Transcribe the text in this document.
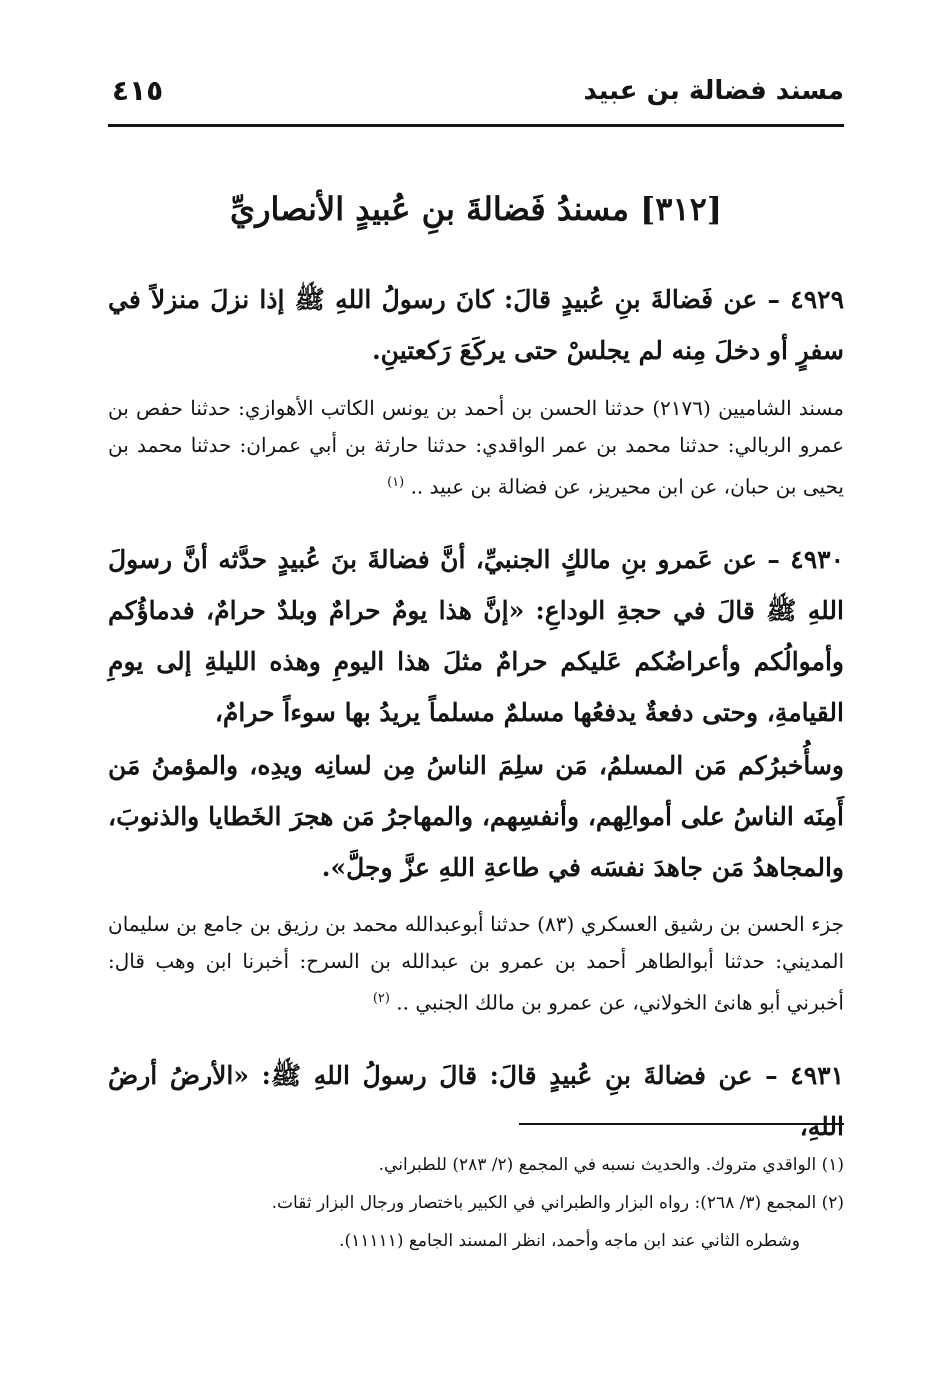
مسند فضالة بن عبيد
٤١٥
[٣١٢] مسندُ فَضالةَ بنِ عُبيدٍ الأنصاريِّ
٤٩٢٩ – عن فَضالةَ بنِ عُبيدٍ قالَ: كانَ رسولُ اللهِ ﷺ إذا نزلَ منزلاً في سفرٍ أو دخلَ مِنه لم يجلسْ حتى يركَعَ رَكعتينِ.
مسند الشاميين (٢١٧٦) حدثنا الحسن بن أحمد بن يونس الكاتب الأهوازي: حدثنا حفص بن عمرو الربالي: حدثنا محمد بن عمر الواقدي: حدثنا حارثة بن أبي عمران: حدثنا محمد بن يحيى بن حبان، عن ابن محيريز، عن فضالة بن عبيد .. $^{(١)}$
٤٩٣٠ – عن عَمرو بنِ مالكٍ الجنبيِّ، أنَّ فضالةَ بنَ عُبيدٍ حدَّثه أنَّ رسولَ اللهِ ﷺ قالَ في حجةِ الوداعِ: «إنَّ هذا يومٌ حرامٌ وبلدٌ حرامٌ، فدماؤُكم وأموالُكم وأعراضُكم عَليكم حرامٌ مثلَ هذا اليومِ وهذه الليلةِ إلى يومِ القيامةِ، وحتى دفعةٌ يدفعُها مسلمٌ مسلماً يريدُ بها سوءاً حرامٌ،
وسأُخبرُكم مَن المسلمُ، مَن سلِمَ الناسُ مِن لسانِه ويدِه، والمؤمنُ مَن أَمِنَه الناسُ على أموالِهم، وأنفسِهم، والمهاجرُ مَن هجرَ الخَطايا والذنوبَ، والمجاهدُ مَن جاهدَ نفسَه في طاعةِ اللهِ عزَّ وجلَّ».
جزء الحسن بن رشيق العسكري (٨٣) حدثنا أبوعبدالله محمد بن رزيق بن جامع بن سليمان المديني: حدثنا أبوالطاهر أحمد بن عمرو بن عبدالله بن السرح: أخبرنا ابن وهب قال: أخبرني أبو هانئ الخولاني، عن عمرو بن مالك الجنبي .. $^{(٢)}$
٤٩٣١ – عن فضالةَ بنِ عُبيدٍ قالَ: قالَ رسولُ اللهِ ﷺ: «الأرضُ أرضُ اللهِ،
(١) الواقدي متروك. والحديث نسبه في المجمع (٢/ ٢٨٣) للطبراني.
(٢) المجمع (٣/ ٢٦٨): رواه البزار والطبراني في الكبير باختصار ورجال البزار ثقات.
وشطره الثاني عند ابن ماجه وأحمد، انظر المسند الجامع (١١١١١).
